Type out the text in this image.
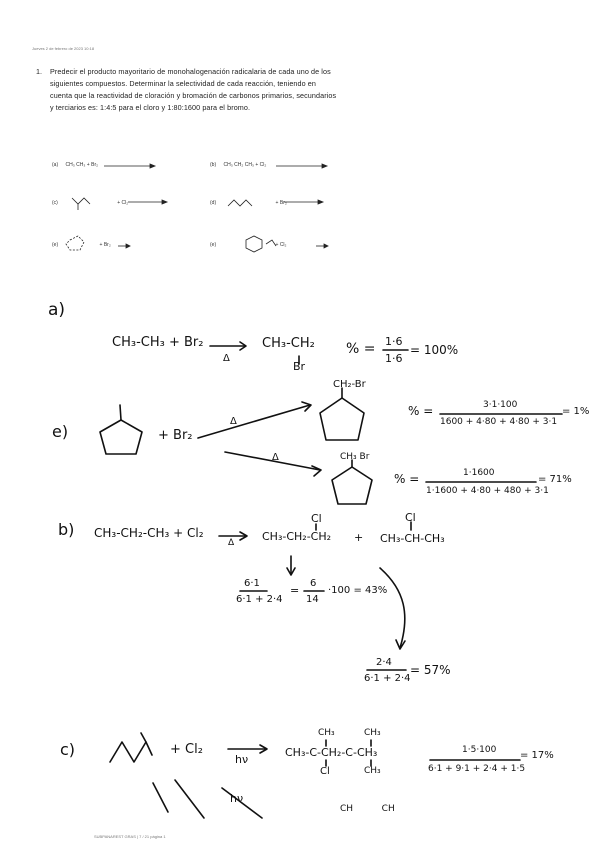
Jueves 2 de febrero de 2023 10:18
1. Predecir el producto mayoritario de monohalogenación radicalaria de cada uno de los siguientes compuestos. Determinar la selectividad de cada reacción, teniendo en cuenta que la reactividad de cloración y bromación de carbonos primarios, secundarios y terciarios es: 1:4:5 para el cloro y 1:80:1600 para el bromo.
(a) CH₃ CH₃ + Br₂	(b) CH₃ CH₂ CH₃ + Cl₂
(c)	+ Cl₂	(d)	+ Br₂
(e)	+ Br₂	(e)	+ Cl₂
a)
CH₃-CH₃ + Br₂
Δ
CH₃-CH₂
Br
% = 1·6
1·6
= 100%
e)	+ Br₂
Δ
Δ
CH₂-Br
CH₃ Br
% =	3·1·100
1600 + 4·80 + 4·80 + 3·1
= 1%
% =	1·1600
1·1600 + 4·80 + 480 + 3·1
= 71%
b) CH₃-CH₂-CH₃ + Cl₂
Δ	CH₃-CH₂-CH₂
Cl
+ CH₃-CH-CH₃
Cl
6·1
6·1 + 2·4
=
6
14
·100 = 43%
2·4
6·1 + 2·4
= 57%
c)	+ Cl₂
hν
CH₃-C-CH₂-C-CH₃
CH₃	CH₃
Cl	CH₃
1·5·100
6·1 + 9·1 + 2·4 + 1·5
= 17%
hν
CH          CH
SUBPANAREST GRAS | 7 / 21 página 1
